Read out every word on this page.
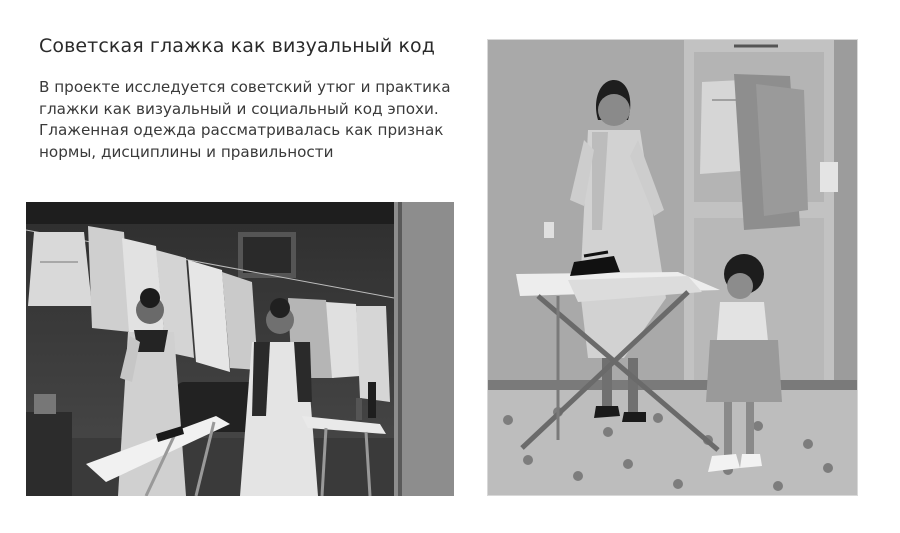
Советская глажка как визуальный код

В проекте исследуется советский утюг и практика глажки как визуальный и социальный код эпохи. Глаженная одежда рассматривалась как признак нормы, дисциплины и правильности
